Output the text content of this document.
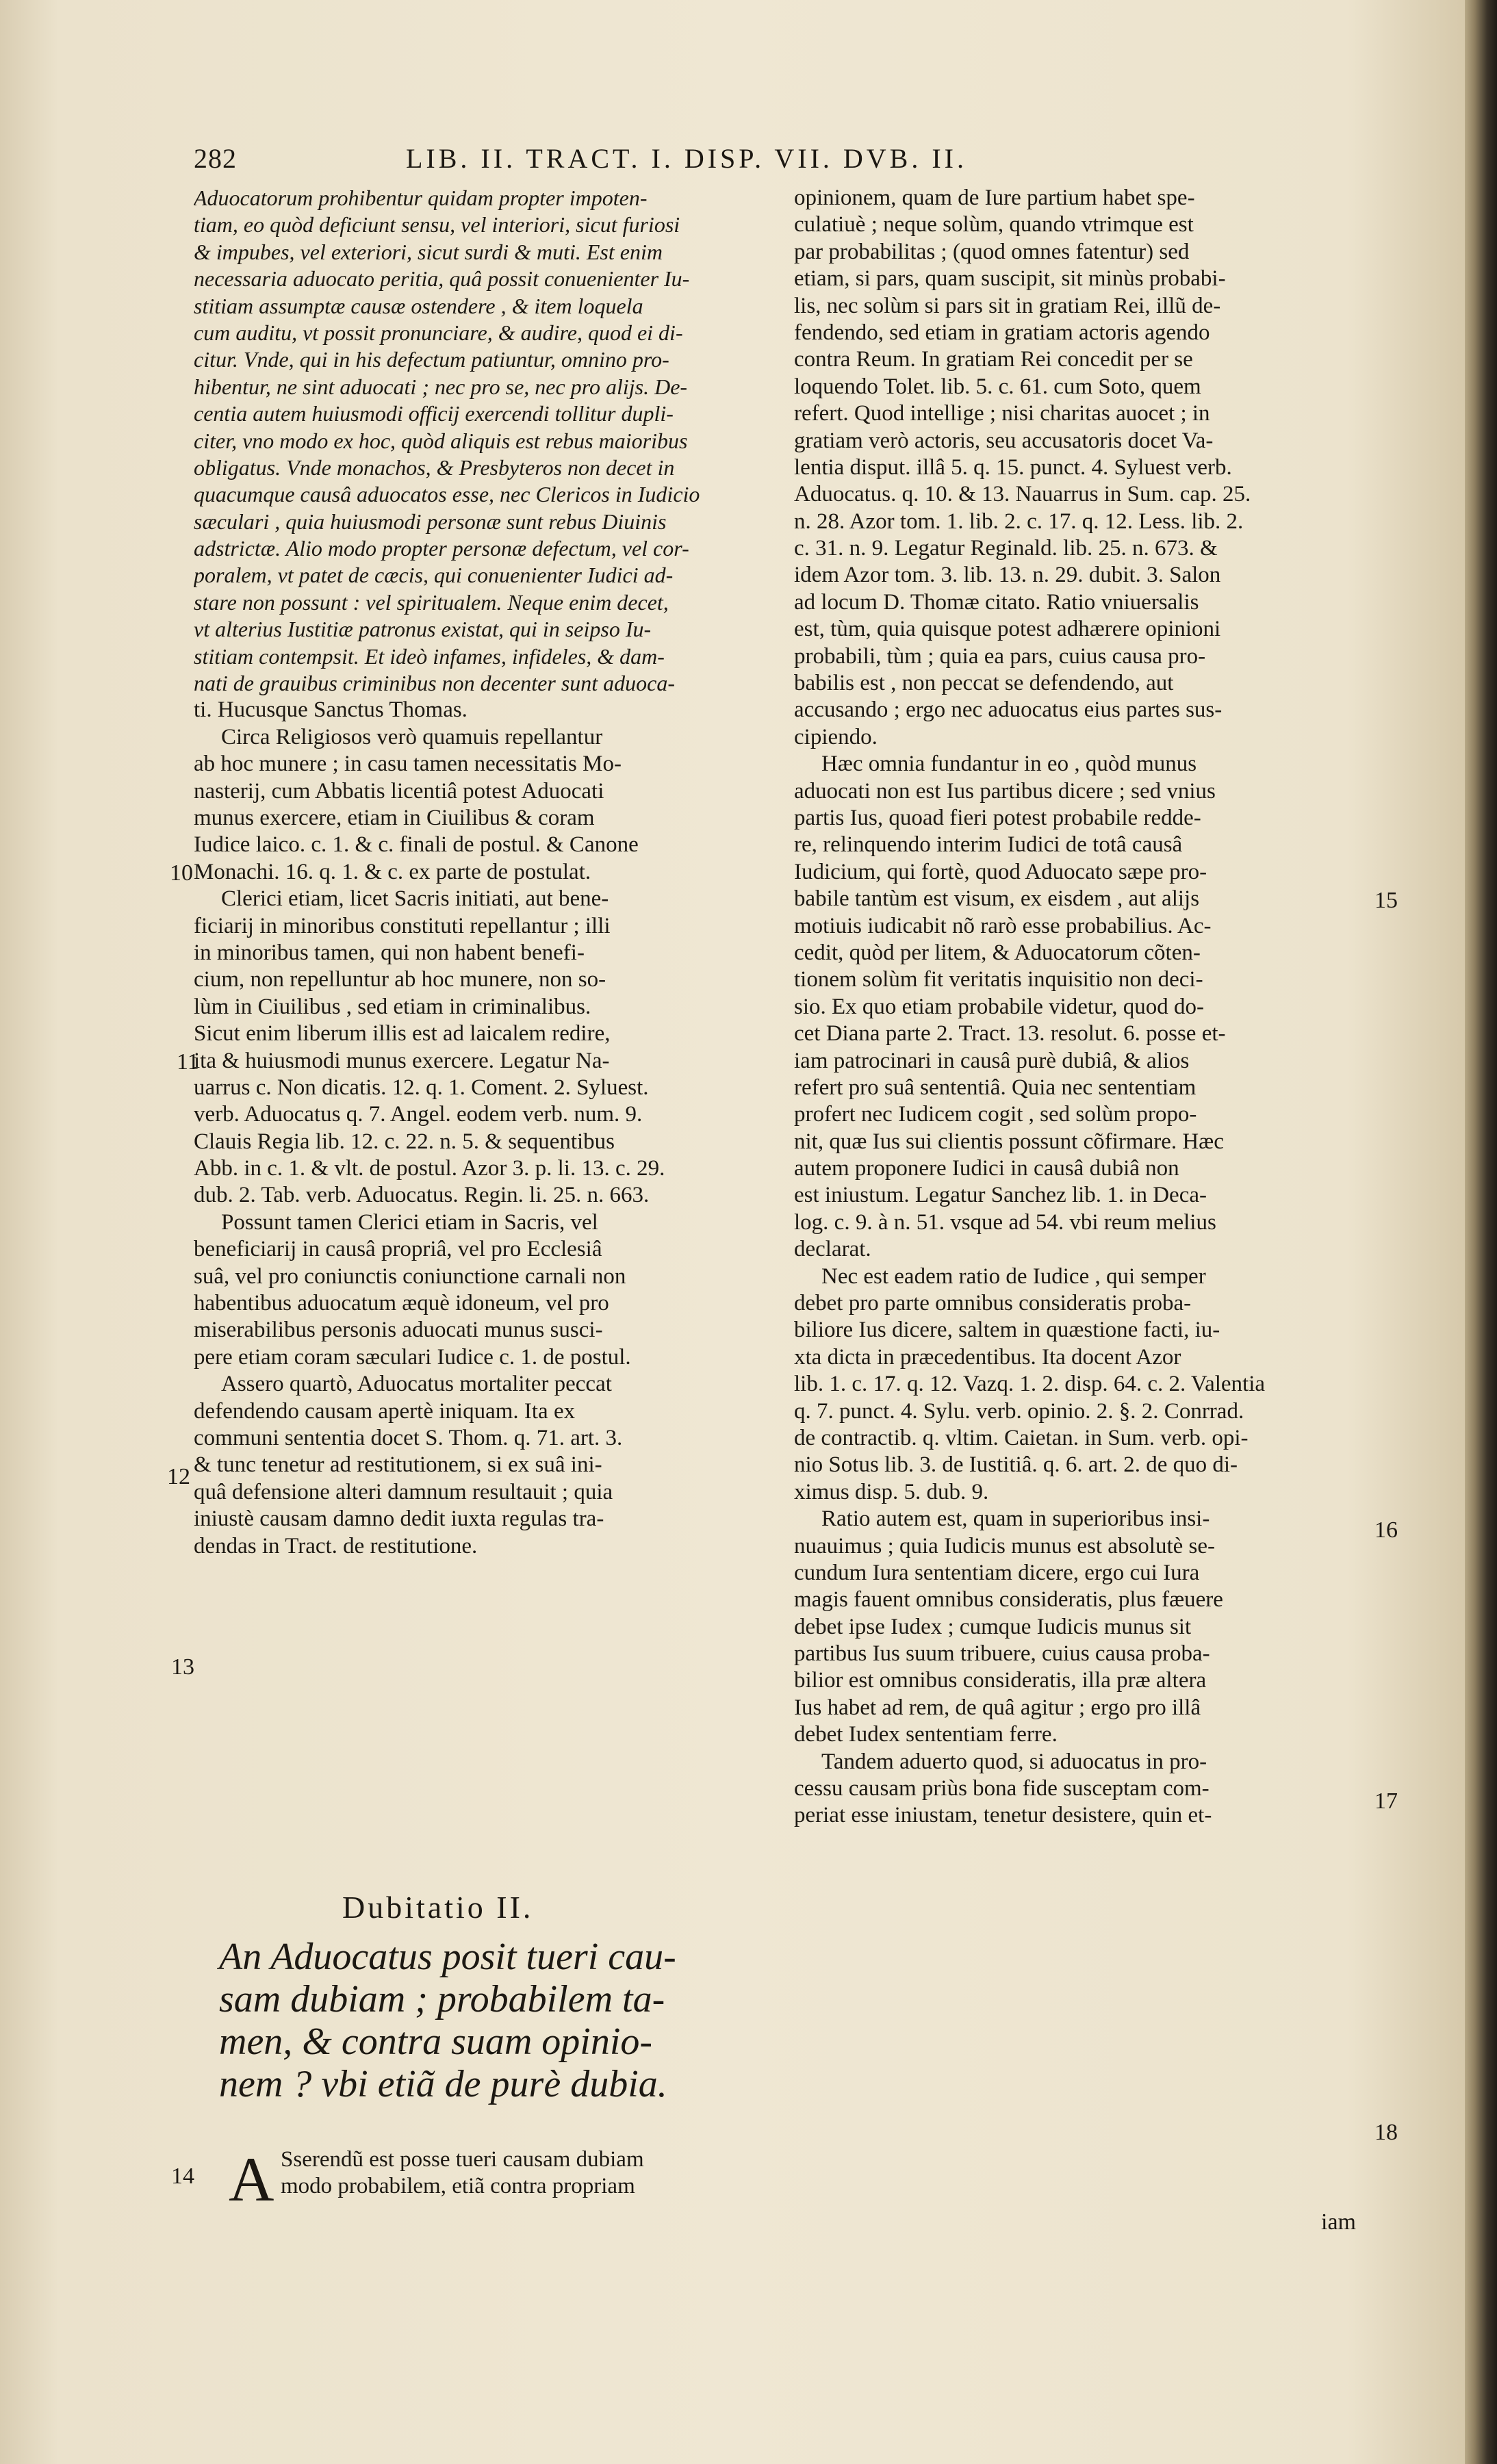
282	LIB. II. TRACT. I. DISP. VII. DVB. II.
Aduocatorum prohibentur quidam propter impoten-
tiam, eo quòd deficiunt sensu, vel interiori, sicut furiosi
& impubes, vel exteriori, sicut surdi & muti. Est enim
necessaria aduocato peritia, quâ possit conuenienter Iu-
stitiam assumptæ causæ ostendere , & item loquela
cum auditu, vt possit pronunciare, & audire, quod ei di-
citur. Vnde, qui in his defectum patiuntur, omnino pro-
hibentur, ne sint aduocati ; nec pro se, nec pro alijs. De-
centia autem huiusmodi officij exercendi tollitur dupli-
citer, vno modo ex hoc, quòd aliquis est rebus maioribus
obligatus. Vnde monachos, & Presbyteros non decet in
quacumque causâ aduocatos esse, nec Clericos in Iudicio
sæculari , quia huiusmodi personæ sunt rebus Diuinis
adstrictæ. Alio modo propter personæ defectum, vel cor-
poralem, vt patet de cæcis, qui conuenienter Iudici ad-
stare non possunt : vel spiritualem. Neque enim decet,
vt alterius Iustitiæ patronus existat, qui in seipso Iu-
stitiam contempsit. Et ideò infames, infideles, & dam-
nati de grauibus criminibus non decenter sunt aduoca-
ti. Hucusque Sanctus Thomas.
Circa Religiosos verò quamuis repellantur
ab hoc munere ; in casu tamen necessitatis Mo-
nasterij, cum Abbatis licentiâ potest Aduocati
munus exercere, etiam in Ciuilibus & coram
Iudice laico. c. 1. & c. finali de postul. & Canone
Monachi. 16. q. 1. & c. ex parte de postulat.
Clerici etiam, licet Sacris initiati, aut bene-
ficiarij in minoribus constituti repellantur ; illi
in minoribus tamen, qui non habent benefi-
cium, non repelluntur ab hoc munere, non so-
lùm in Ciuilibus , sed etiam in criminalibus.
Sicut enim liberum illis est ad laicalem redire,
ita & huiusmodi munus exercere. Legatur Na-
uarrus c. Non dicatis. 12. q. 1. Coment. 2. Syluest.
verb. Aduocatus q. 7. Angel. eodem verb. num. 9.
Clauis Regia lib. 12. c. 22. n. 5. & sequentibus
Abb. in c. 1. & vlt. de postul. Azor 3. p. li. 13. c. 29.
dub. 2. Tab. verb. Aduocatus. Regin. li. 25. n. 663.
Possunt tamen Clerici etiam in Sacris, vel
beneficiarij in causâ propriâ, vel pro Ecclesiâ
suâ, vel pro coniunctis coniunctione carnali non
habentibus aduocatum æquè idoneum, vel pro
miserabilibus personis aduocati munus susci-
pere etiam coram sæculari Iudice c. 1. de postul.
Assero quartò, Aduocatus mortaliter peccat
defendendo causam apertè iniquam. Ita ex
communi sententia docet S. Thom. q. 71. art. 3.
& tunc tenetur ad restitutionem, si ex suâ ini-
quâ defensione alteri damnum resultauit ; quia
iniustè causam damno dedit iuxta regulas tra-
dendas in Tract. de restitutione.
opinionem, quam de Iure partium habet spe-
culatiuè ; neque solùm, quando vtrimque est
par probabilitas ; (quod omnes fatentur) sed
etiam, si pars, quam suscipit, sit minùs probabi-
lis, nec solùm si pars sit in gratiam Rei, illũ de-
fendendo, sed etiam in gratiam actoris agendo
contra Reum. In gratiam Rei concedit per se
loquendo Tolet. lib. 5. c. 61. cum Soto, quem
refert. Quod intellige ; nisi charitas auocet ; in
gratiam verò actoris, seu accusatoris docet Va-
lentia disput. illâ 5. q. 15. punct. 4. Syluest verb.
Aduocatus. q. 10. & 13. Nauarrus in Sum. cap. 25.
n. 28. Azor tom. 1. lib. 2. c. 17. q. 12. Less. lib. 2.
c. 31. n. 9. Legatur Reginald. lib. 25. n. 673. &
idem Azor tom. 3. lib. 13. n. 29. dubit. 3. Salon
ad locum D. Thomæ citato. Ratio vniuersalis
est, tùm, quia quisque potest adhærere opinioni
probabili, tùm ; quia ea pars, cuius causa pro-
babilis est , non peccat se defendendo, aut
accusando ; ergo nec aduocatus eius partes sus-
cipiendo.
Hæc omnia fundantur in eo , quòd munus
aduocati non est Ius partibus dicere ; sed vnius
partis Ius, quoad fieri potest probabile redde-
re, relinquendo interim Iudici de totâ causâ
Iudicium, qui fortè, quod Aduocato sæpe pro-
babile tantùm est visum, ex eisdem , aut alijs
motiuis iudicabit nõ rarò esse probabilius. Ac-
cedit, quòd per litem, & Aduocatorum cõten-
tionem solùm fit veritatis inquisitio non deci-
sio. Ex quo etiam probabile videtur, quod do-
cet Diana parte 2. Tract. 13. resolut. 6. posse et-
iam patrocinari in causâ purè dubiâ, & alios
refert pro suâ sententiâ. Quia nec sententiam
profert nec Iudicem cogit , sed solùm propo-
nit, quæ Ius sui clientis possunt cõfirmare. Hæc
autem proponere Iudici in causâ dubiâ non
est iniustum. Legatur Sanchez lib. 1. in Deca-
log. c. 9. à n. 51. vsque ad 54. vbi reum melius
declarat.
Nec est eadem ratio de Iudice , qui semper
debet pro parte omnibus consideratis proba-
biliore Ius dicere, saltem in quæstione facti, iu-
xta dicta in præcedentibus. Ita docent Azor
lib. 1. c. 17. q. 12. Vazq. 1. 2. disp. 64. c. 2. Valentia
q. 7. punct. 4. Sylu. verb. opinio. 2. §. 2. Conrrad.
de contractib. q. vltim. Caietan. in Sum. verb. opi-
nio Sotus lib. 3. de Iustitiâ. q. 6. art. 2. de quo di-
ximus disp. 5. dub. 9.
Ratio autem est, quam in superioribus insi-
nuauimus ; quia Iudicis munus est absolutè se-
cundum Iura sententiam dicere, ergo cui Iura
magis fauent omnibus consideratis, plus fæuere
debet ipse Iudex ; cumque Iudicis munus sit
partibus Ius suum tribuere, cuius causa proba-
bilior est omnibus consideratis, illa præ altera
Ius habet ad rem, de quâ agitur ; ergo pro illâ
debet Iudex sententiam ferre.
Tandem aduerto quod, si aduocatus in pro-
cessu causam priùs bona fide susceptam com-
periat esse iniustam, tenetur desistere, quin et-
10
11
12
13
15
16
17
18
Dubitatio II.
An Aduocatus posit tueri cau-
sam dubiam ; probabilem ta-
men, & contra suam opinio-
nem ? vbi etiã de purè dubia.
14 A Sserendũ est posse tueri causam dubiam
modo probabilem, etiã contra propriam
iam
